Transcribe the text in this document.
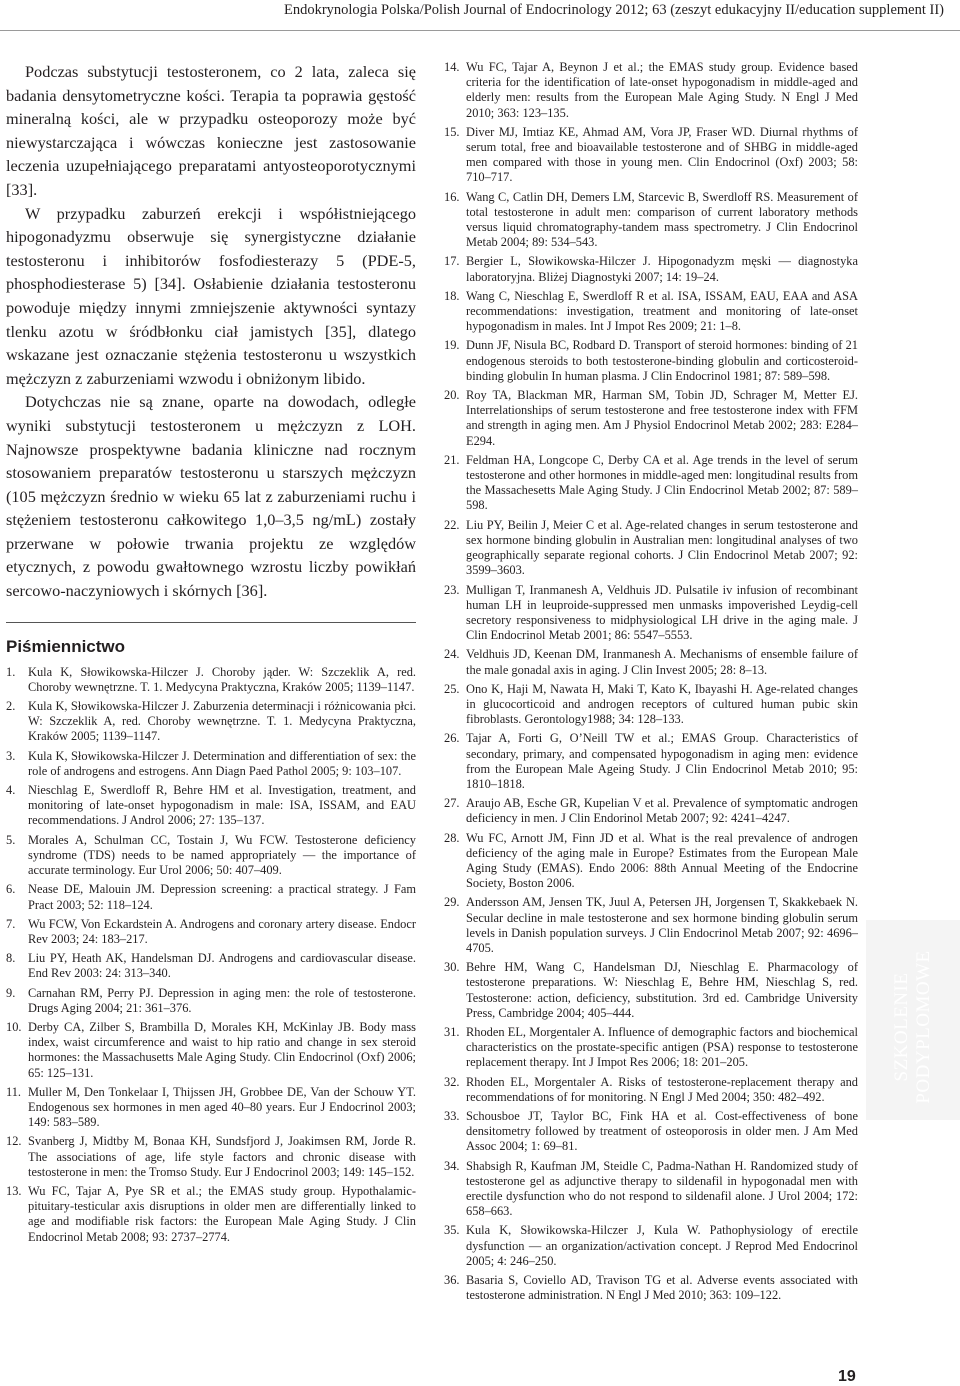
Endokrynologia Polska/Polish Journal of Endocrinology 2012; 63 (zeszyt edukacyjny II/education supplement II)

Podczas substytucji testosteronem, co 2 lata, zaleca się badania densytometryczne kości. Terapia ta poprawia gęstość mineralną kości, ale w przypadku osteoporozy może być niewystarczająca i wówczas konieczne jest zastosowanie leczenia uzupełniającego preparatami antyosteoporotycznymi [33].

W przypadku zaburzeń erekcji i współistniejącego hipogonadyzmu obserwuje się synergistyczne działanie testosteronu i inhibitorów fosfodiesterazy 5 (PDE-5, phosphodiesterase 5) [34]. Osłabienie działania testosteronu powoduje między innymi zmniejszenie aktywności syntazy tlenku azotu w śródbłonku ciał jamistych [35], dlatego wskazane jest oznaczanie stężenia testosteronu u wszystkich mężczyzn z zaburzeniami wzwodu i obniżonym libido.

Dotychczas nie są znane, oparte na dowodach, odległe wyniki substytucji testosteronem u mężczyzn z LOH. Najnowsze prospektywne badania kliniczne nad rocznym stosowaniem preparatów testosteronu u starszych mężczyzn (105 mężczyzn średnio w wieku 65 lat z zaburzeniami ruchu i stężeniem testosteronu całkowitego 1,0–3,5 ng/mL) zostały przerwane w połowie trwania projektu ze względów etycznych, z powodu gwałtownego wzrostu liczby powikłań sercowo-naczyniowych i skórnych [36].

Piśmiennictwo
1. Kula K, Słowikowska-Hilczer J. Choroby jąder. W: Szczeklik A, red. Choroby wewnętrzne. T. 1. Medycyna Praktyczna, Kraków 2005; 1139–1147.
2. Kula K, Słowikowska-Hilczer J. Zaburzenia determinacji i różnicowania płci. W: Szczeklik A, red. Choroby wewnętrzne. T. 1. Medycyna Praktyczna, Kraków 2005; 1139–1147.
3. Kula K, Słowikowska-Hilczer J. Determination and differentiation of sex: the role of androgens and estrogens. Ann Diagn Paed Pathol 2005; 9: 103–107.
4. Nieschlag E, Swerdloff R, Behre HM et al. Investigation, treatment, and monitoring of late-onset hypogonadism in male: ISA, ISSAM, and EAU recommendations. J Androl 2006; 27: 135–137.
5. Morales A, Schulman CC, Tostain J, Wu FCW. Testosterone deficiency syndrome (TDS) needs to be named appropriately — the importance of accurate terminology. Eur Urol 2006; 50: 407–409.
6. Nease DE, Malouin JM. Depression screening: a practical strategy. J Fam Pract 2003; 52: 118–124.
7. Wu FCW, Von Eckardstein A. Androgens and coronary artery disease. Endocr Rev 2003; 24: 183–217.
8. Liu PY, Heath AK, Handelsman DJ. Androgens and cardiovascular disease. End Rev 2003: 24: 313–340.
9. Carnahan RM, Perry PJ. Depression in aging men: the role of testosterone. Drugs Aging 2004; 21: 361–376.
10. Derby CA, Zilber S, Brambilla D, Morales KH, McKinlay JB. Body mass index, waist circumference and waist to hip ratio and change in sex steroid hormones: the Massachusetts Male Aging Study. Clin Endocrinol (Oxf) 2006; 65: 125–131.
11. Muller M, Den Tonkelaar I, Thijssen JH, Grobbee DE, Van der Schouw YT. Endogenous sex hormones in men aged 40–80 years. Eur J Endocrinol 2003; 149: 583–589.
12. Svanberg J, Midtby M, Bonaa KH, Sundsfjord J, Joakimsen RM, Jorde R. The associations of age, life style factors and chronic disease with testosterone in men: the Tromso Study. Eur J Endocrinol 2003; 149: 145–152.
13. Wu FC, Tajar A, Pye SR et al.; the EMAS study group. Hypothalamic-pituitary-testicular axis disruptions in older men are differentially linked to age and modifiable risk factors: the European Male Aging Study. J Clin Endocrinol Metab 2008; 93: 2737–2774.
14. Wu FC, Tajar A, Beynon J et al.; the EMAS study group. Evidence based criteria for the identification of late-onset hypogonadism in middle-aged and elderly men: results from the European Male Aging Study. N Engl J Med 2010; 363: 123–135.
15. Diver MJ, Imtiaz KE, Ahmad AM, Vora JP, Fraser WD. Diurnal rhythms of serum total, free and bioavailable testosterone and of SHBG in middle-aged men compared with those in young men. Clin Endocrinol (Oxf) 2003; 58: 710–717.
16. Wang C, Catlin DH, Demers LM, Starcevic B, Swerdloff RS. Measurement of total testosterone in adult men: comparison of current laboratory methods versus liquid chromatography-tandem mass spectrometry. J Clin Endocrinol Metab 2004; 89: 534–543.
17. Bergier L, Słowikowska-Hilczer J. Hipogonadyzm męski — diagnostyka laboratoryjna. Bliżej Diagnostyki 2007; 14: 19–24.
18. Wang C, Nieschlag E, Swerdloff R et al. ISA, ISSAM, EAU, EAA and ASA recommendations: investigation, treatment and monitoring of late-onset hypogonadism in males. Int J Impot Res 2009; 21: 1–8.
19. Dunn JF, Nisula BC, Rodbard D. Transport of steroid hormones: binding of 21 endogenous steroids to both testosterone-binding globulin and corticosteroid-binding globulin In human plasma. J Clin Endocrinol 1981; 87: 589–598.
20. Roy TA, Blackman MR, Harman SM, Tobin JD, Schrager M, Metter EJ. Interrelationships of serum testosterone and free testosterone index with FFM and strength in aging men. Am J Physiol Endocrinol Metab 2002; 283: E284–E294.
21. Feldman HA, Longcope C, Derby CA et al. Age trends in the level of serum testosterone and other hormones in middle-aged men: longitudinal results from the Massachesetts Male Aging Study. J Clin Endocrinol Metab 2002; 87: 589–598.
22. Liu PY, Beilin J, Meier C et al. Age-related changes in serum testosterone and sex hormone binding globulin in Australian men: longitudinal analyses of two geographically separate regional cohorts. J Clin Endocrinol Metab 2007; 92: 3599–3603.
23. Mulligan T, Iranmanesh A, Veldhuis JD. Pulsatile iv infusion of recombinant human LH in leuproide-suppressed men unmasks impoverished Leydig-cell secretory responsiveness to midphysiological LH drive in the aging male. J Clin Endocrinol Metab 2001; 86: 5547–5553.
24. Veldhuis JD, Keenan DM, Iranmanesh A. Mechanisms of ensemble failure of the male gonadal axis in aging. J Clin Invest 2005; 28: 8–13.
25. Ono K, Haji M, Nawata H, Maki T, Kato K, Ibayashi H. Age-related changes in glucocorticoid and androgen receptors of cultured human pubic skin fibroblasts. Gerontology1988; 34: 128–133.
26. Tajar A, Forti G, O’Neill TW et al.; EMAS Group. Characteristics of secondary, primary, and compensated hypogonadism in aging men: evidence from the European Male Ageing Study. J Clin Endocrinol Metab 2010; 95: 1810–1818.
27. Araujo AB, Esche GR, Kupelian V et al. Prevalence of symptomatic androgen deficiency in men. J Clin Endorinol Metab 2007; 92: 4241–4247.
28. Wu FC, Arnott JM, Finn JD et al. What is the real prevalence of androgen deficiency of the aging male in Europe? Estimates from the European Male Aging Study (EMAS). Endo 2006: 88th Annual Meeting of the Endocrine Society, Boston 2006.
29. Andersson AM, Jensen TK, Juul A, Petersen JH, Jorgensen T, Skakkebaek N. Secular decline in male testosterone and sex hormone binding globulin serum levels in Danish population surveys. J Clin Endocrinol Metab 2007; 92: 4696–4705.
30. Behre HM, Wang C, Handelsman DJ, Nieschlag E. Pharmacology of testosterone preparations. W: Nieschlag E, Behre HM, Nieschlag S, red. Testosterone: action, deficiency, substitution. 3rd ed. Cambridge University Press, Cambridge 2004; 405–444.
31. Rhoden EL, Morgentaler A. Influence of demographic factors and biochemical characteristics on the prostate-specific antigen (PSA) response to testosterone replacement therapy. Int J Impot Res 2006; 18: 201–205.
32. Rhoden EL, Morgentaler A. Risks of testosterone-replacement therapy and recommendations of for monitoring. N Engl J Med 2004; 350: 482–492.
33. Schousboe JT, Taylor BC, Fink HA et al. Cost-effectiveness of bone densitometry followed by treatment of osteoporosis in older men. J Am Med Assoc 2004; 1: 69–81.
34. Shabsigh R, Kaufman JM, Steidle C, Padma-Nathan H. Randomized study of testosterone gel as adjunctive therapy to sildenafil in hypogonadal men with erectile dysfunction who do not respond to sildenafil alone. J Urol 2004; 172: 658–663.
35. Kula K, Słowikowska-Hilczer J, Kula W. Pathophysiology of erectile dysfunction — an organization/activation concept. J Reprod Med Endocrinol 2005; 4: 246–250.
36. Basaria S, Coviello AD, Travison TG et al. Adverse events associated with testosterone administration. N Engl J Med 2010; 363: 109–122.
SZKOLENIE PODYPLOMOWE
19
